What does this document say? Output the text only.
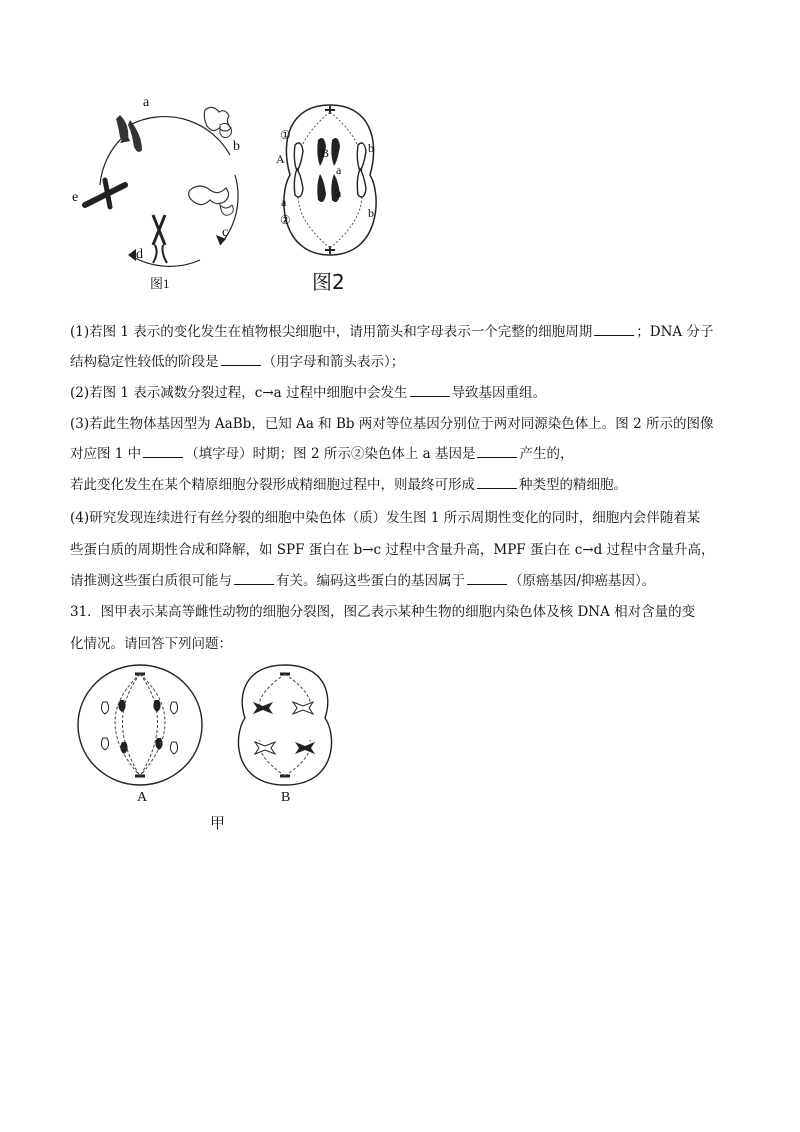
a
b
c
d
e
图1
①
A	B
a
b
a
②
a
b
图2
(1)若图 1 表示的变化发生在植物根尖细胞中，请用箭头和字母表示一个完整的细胞周期	；DNA 分子
结构稳定性较低的阶段是	（用字母和箭头表示）；
(2)若图 1 表示减数分裂过程，c→a 过程中细胞中会发生	导致基因重组。
(3)若此生物体基因型为 AaBb，已知 Aa 和 Bb 两对等位基因分别位于两对同源染色体上。图 2 所示的图像
对应图 1 中	（填字母）时期；图 2 所示②染色体上 a 基因是	产生的，
若此变化发生在某个精原细胞分裂形成精细胞过程中，则最终可形成	种类型的精细胞。
(4)研究发现连续进行有丝分裂的细胞中染色体（质）发生图 1 所示周期性变化的同时，细胞内会伴随着某
些蛋白质的周期性合成和降解，如 SPF 蛋白在 b→c 过程中含量升高，MPF 蛋白在 c→d 过程中含量升高，
请推测这些蛋白质很可能与	有关。编码这些蛋白的基因属于	（原癌基因/抑癌基因）。
31．图甲表示某高等雌性动物的细胞分裂图，图乙表示某种生物的细胞内染色体及核 DNA 相对含量的变
化情况。请回答下列问题：
A	B
甲
